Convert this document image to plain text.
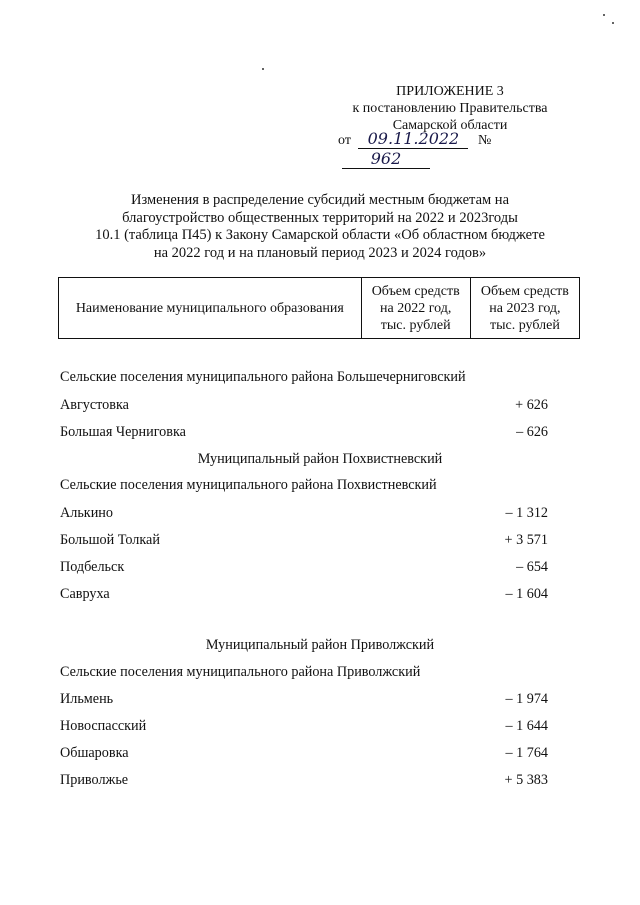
ПРИЛОЖЕНИЕ 3
к постановлению Правительства
Самарской области
от 09.11.2022 № 962
Изменения в распределение субсидий местным бюджетам на
благоустройство общественных территорий на 2022 и 2023годы
10.1 (таблица П45) к Закону Самарской области «Об областном бюджете
на 2022 год и на плановый период 2023 и 2024 годов»
Наименование муниципального образования	
Объем средств
на 2022 год,
тыс. рублей

Объем средств
на 2023 год,
тыс. рублей
Сельские поселения муниципального района Большечерниговский
Августовка	+ 626
Большая Черниговка	– 626
Муниципальный район Похвистневский
Сельские поселения муниципального района Похвистневский
Алькино	– 1 312
Большой Толкай	+ 3 571
Подбельск	– 654
Савруха	– 1 604
Муниципальный район Приволжский
Сельские поселения муниципального района Приволжский
Ильмень	– 1 974
Новоспасский	– 1 644
Обшаровка	– 1 764
Приволжье	+ 5 383
